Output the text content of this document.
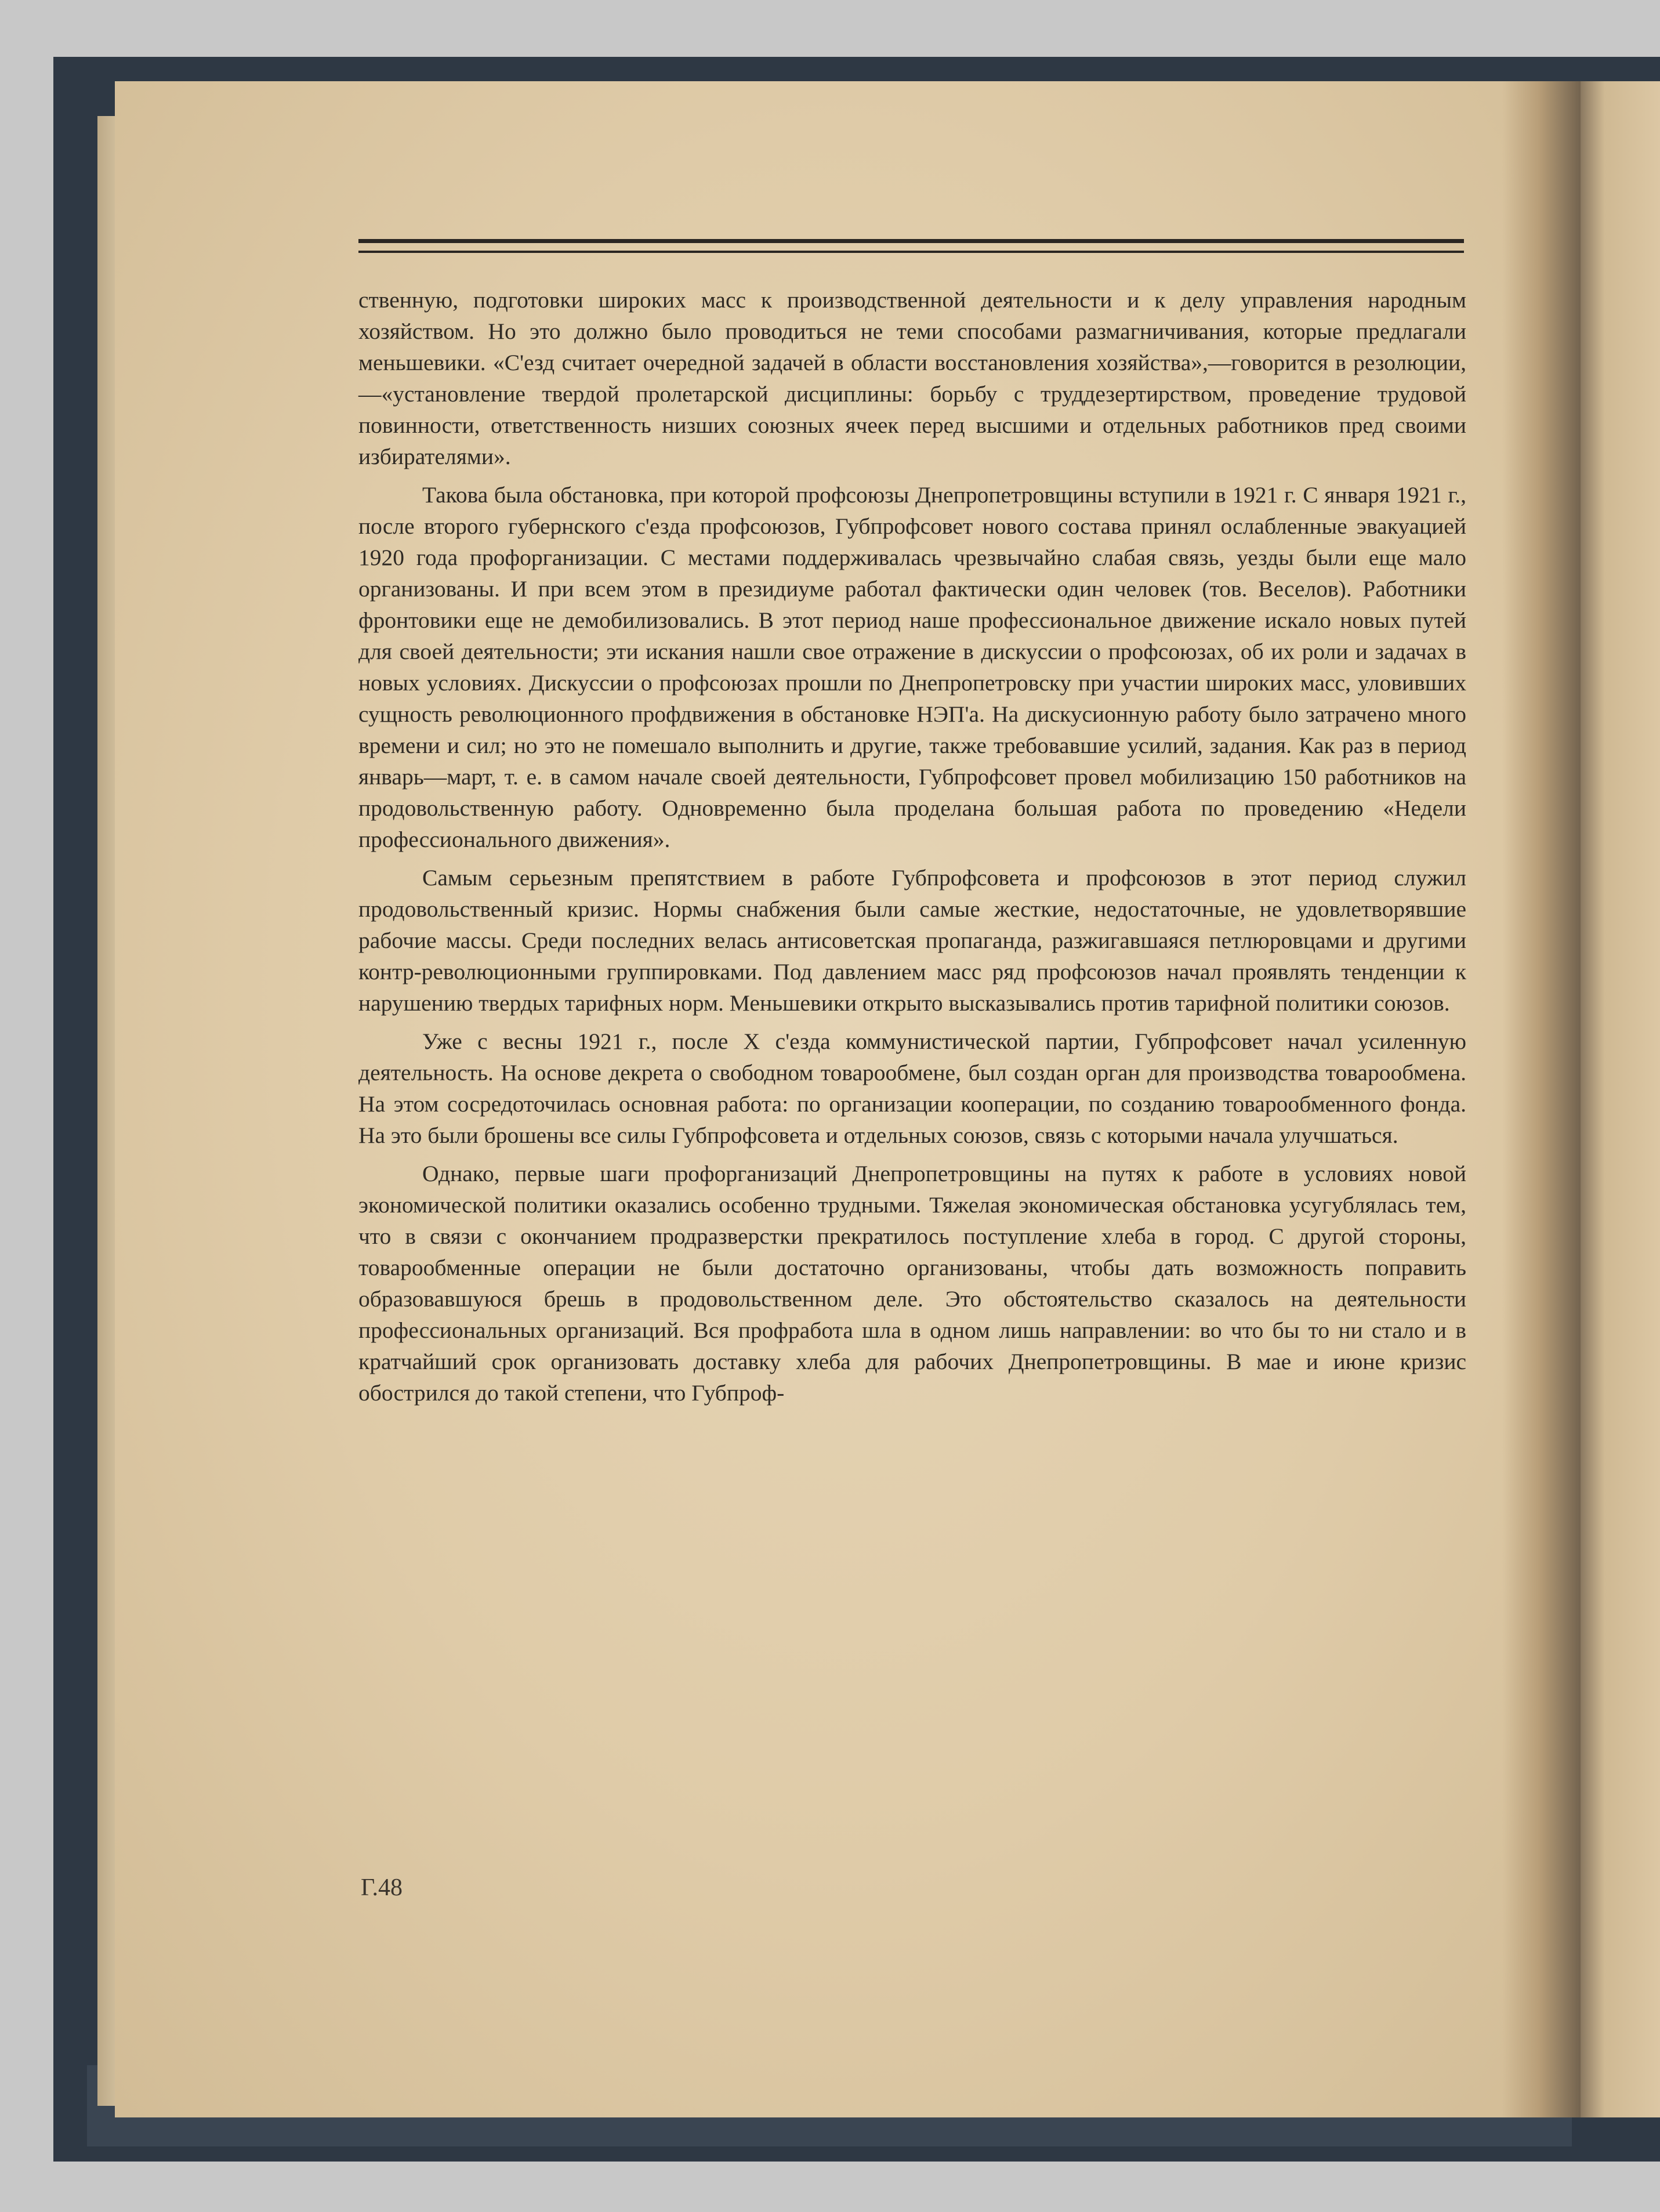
ственную, подготовки широких масс к производственной деятельности и к делу управления народным хозяйством. Но это должно было проводиться не теми способами размагничивания, которые предлагали меньшевики. «С'езд считает очередной задачей в области восстановления хозяйства»,—говорится в резолюции,—«установление твердой пролетарской дисциплины: борьбу с труддезертирством, проведение трудовой повинности, ответственность низших союзных ячеек перед высшими и отдельных работников пред своими избирателями».

Такова была обстановка, при которой профсоюзы Днепропетровщины вступили в 1921 г. С января 1921 г., после второго губернского с'езда профсоюзов, Губпрофсовет нового состава принял ослабленные эвакуацией 1920 года профорганизации. С местами поддерживалась чрезвычайно слабая связь, уезды были еще мало организованы. И при всем этом в президиуме работал фактически один человек (тов. Веселов). Работники фронтовики еще не демобилизовались. В этот период наше профессиональное движение искало новых путей для своей деятельности; эти искания нашли свое отражение в дискуссии о профсоюзах, об их роли и задачах в новых условиях. Дискуссии о профсоюзах прошли по Днепропетровску при участии широких масс, уловивших сущность революционного профдвижения в обстановке НЭП'а. На дискусионную работу было затрачено много времени и сил; но это не помешало выполнить и другие, также требовавшие усилий, задания. Как раз в период январь—март, т. е. в самом начале своей деятельности, Губпрофсовет провел мобилизацию 150 работников на продовольственную работу. Одновременно была проделана большая работа по проведению «Недели профессионального движения».

Самым серьезным препятствием в работе Губпрофсовета и профсоюзов в этот период служил продовольственный кризис. Нормы снабжения были самые жесткие, недостаточные, не удовлетворявшие рабочие массы. Среди последних велась антисоветская пропаганда, разжигавшаяся петлюровцами и другими контр-революционными группировками. Под давлением масс ряд профсоюзов начал проявлять тенденции к нарушению твердых тарифных норм. Меньшевики открыто высказывались против тарифной политики союзов.

Уже с весны 1921 г., после X с'езда коммунистической партии, Губпрофсовет начал усиленную деятельность. На основе декрета о свободном товарообмене, был создан орган для производства товарообмена. На этом сосредоточилась основная работа: по организации кооперации, по созданию товарообменного фонда. На это были брошены все силы Губпрофсовета и отдельных союзов, связь с которыми начала улучшаться.

Однако, первые шаги профорганизаций Днепропетровщины на путях к работе в условиях новой экономической политики оказались особенно трудными. Тяжелая экономическая обстановка усугублялась тем, что в связи с окончанием продразверстки прекратилось поступление хлеба в город. С другой стороны, товарообменные операции не были достаточно организованы, чтобы дать возможность поправить образовавшуюся брешь в продовольственном деле. Это обстоятельство сказалось на деятельности профессиональных организаций. Вся профработа шла в одном лишь направлении: во что бы то ни стало и в кратчайший срок организовать доставку хлеба для рабочих Днепропетровщины. В мае и июне кризис обострился до такой степени, что Губпроф-

Г.48
